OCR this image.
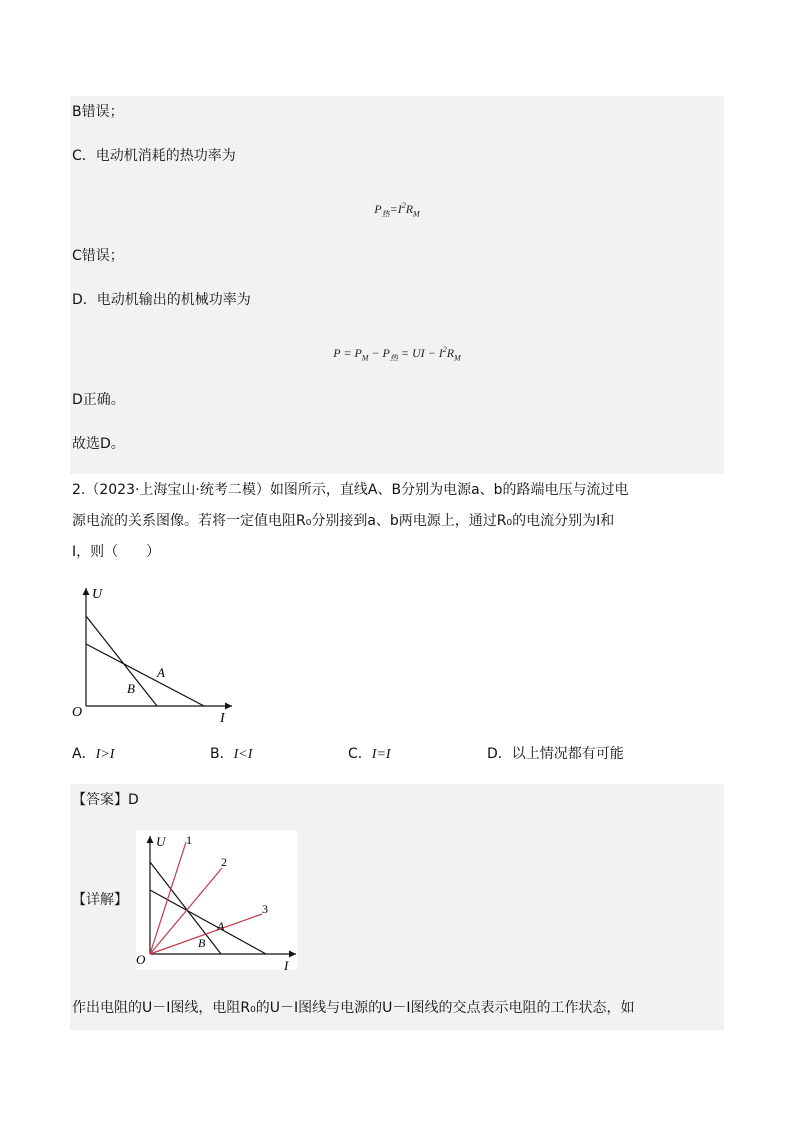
B错误；
C．电动机消耗的热功率为
$P_热=I^2R_M$
C错误；
D．电动机输出的机械功率为
$P = P_M - P_热$ = UI − $I^2R_M$
D正确。
故选D。
2.（2023·上海宝山·统考二模）如图所示，直线A、B分别为电源a、b的路端电压与流过电
源电流的关系图像。若将一定值电阻R₀分别接到a、b两电源上，通过R₀的电流分别为I和
I，则（　　）
U
I
O
A
B
A．I>I	B．I<I	C．I=I	D．以上情况都有可能
【答案】D
【详解】
U
I
O
A
B
1
2
3
作出电阻的U－I图线，电阻R₀的U－I图线与电源的U－I图线的交点表示电阻的工作状态，如
